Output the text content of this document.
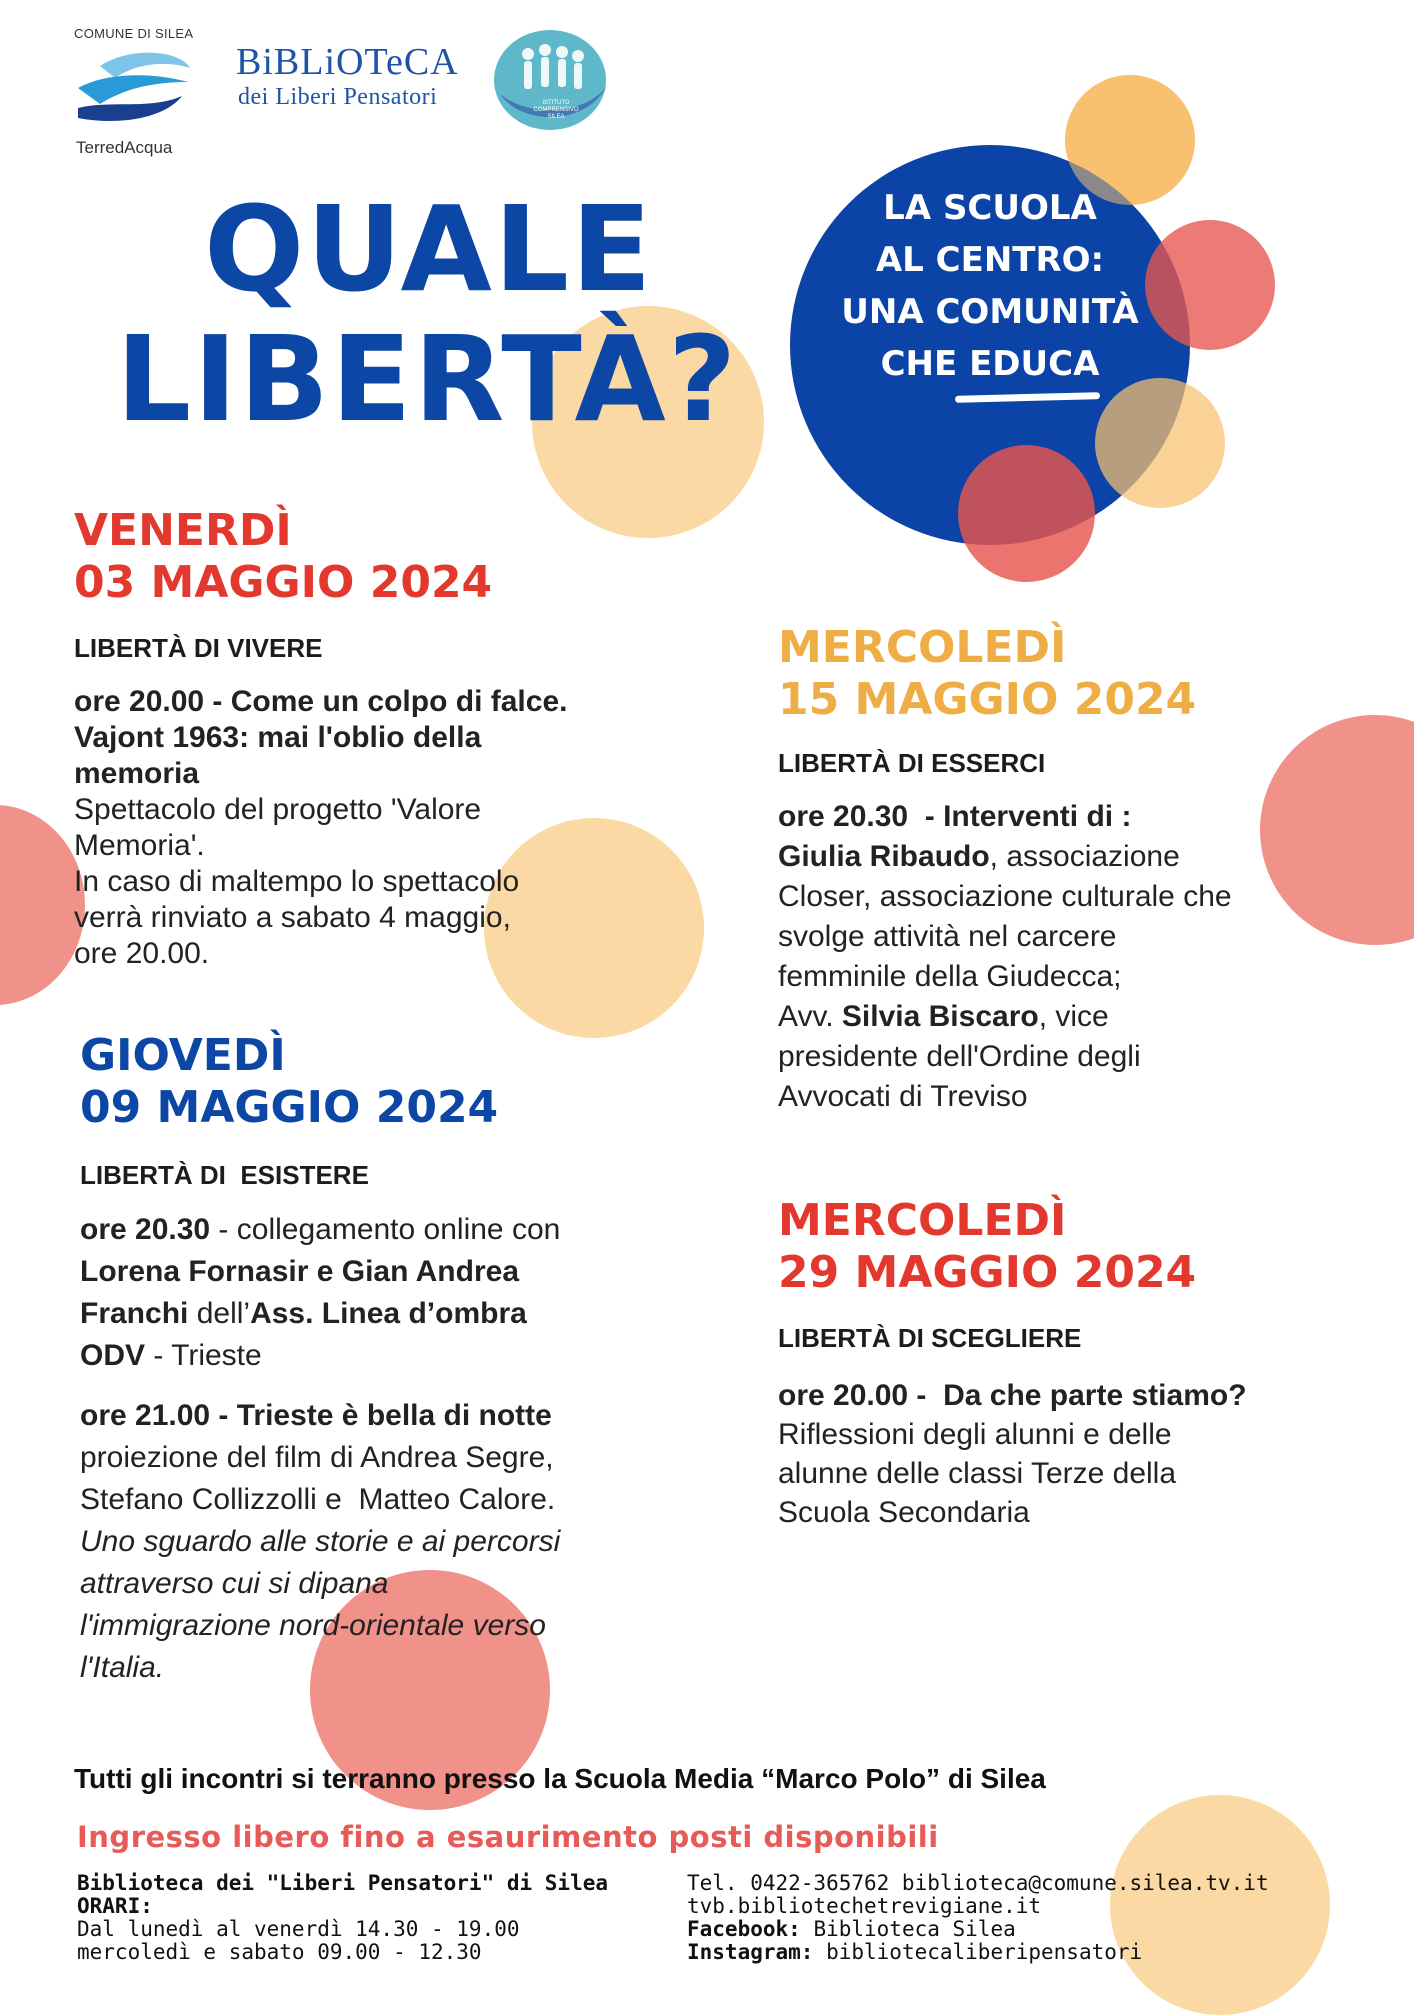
LA SCUOLA
AL CENTRO:
UNA COMUNITÀ
CHE EDUCA
COMUNE DI SILEA
TerredAcqua
BiBLiOTeCA
dei Liberi Pensatori	ISTITUTO COMPRENSIVO SILEA
QUALE
LIBERTÀ?
VENERDÌ
03 MAGGIO 2024
LIBERTÀ DI VIVERE
ore 20.00 - Come un colpo di falce.
Vajont 1963: mai l'oblio della
memoria
Spettacolo del progetto 'Valore
Memoria'.
In caso di maltempo lo spettacolo
verrà rinviato a sabato 4 maggio,
ore 20.00.
GIOVEDÌ
09 MAGGIO 2024
LIBERTÀ DI  ESISTERE
ore 20.30 - collegamento online con
Lorena Fornasir e Gian Andrea
Franchi dell’Ass. Linea d’ombra
ODV - Trieste
ore 21.00 - Trieste è bella di notte
proiezione del film di Andrea Segre,
Stefano Collizzolli e  Matteo Calore.
Uno sguardo alle storie e ai percorsi
attraverso cui si dipana
l'immigrazione nord-orientale verso
l'Italia.
MERCOLEDÌ
15 MAGGIO 2024
LIBERTÀ DI ESSERCI
ore 20.30  - Interventi di :
Giulia Ribaudo, associazione
Closer, associazione culturale che
svolge attività nel carcere
femminile della Giudecca;
Avv. Silvia Biscaro, vice
presidente dell'Ordine degli
Avvocati di Treviso
MERCOLEDÌ
29 MAGGIO 2024
LIBERTÀ DI SCEGLIERE
ore 20.00 -  Da che parte stiamo?
Riflessioni degli alunni e delle
alunne delle classi Terze della
Scuola Secondaria
Tutti gli incontri si terranno presso la Scuola Media “Marco Polo” di Silea
Ingresso libero fino a esaurimento posti disponibili
Biblioteca dei "Liberi Pensatori" di Silea
ORARI:
Dal lunedì al venerdì 14.30 - 19.00
mercoledì e sabato 09.00 - 12.30
Tel. 0422-365762 biblioteca@comune.silea.tv.it
tvb.bibliotechetrevigiane.it
Facebook: Biblioteca Silea
Instagram: bibliotecaliberipensatori
